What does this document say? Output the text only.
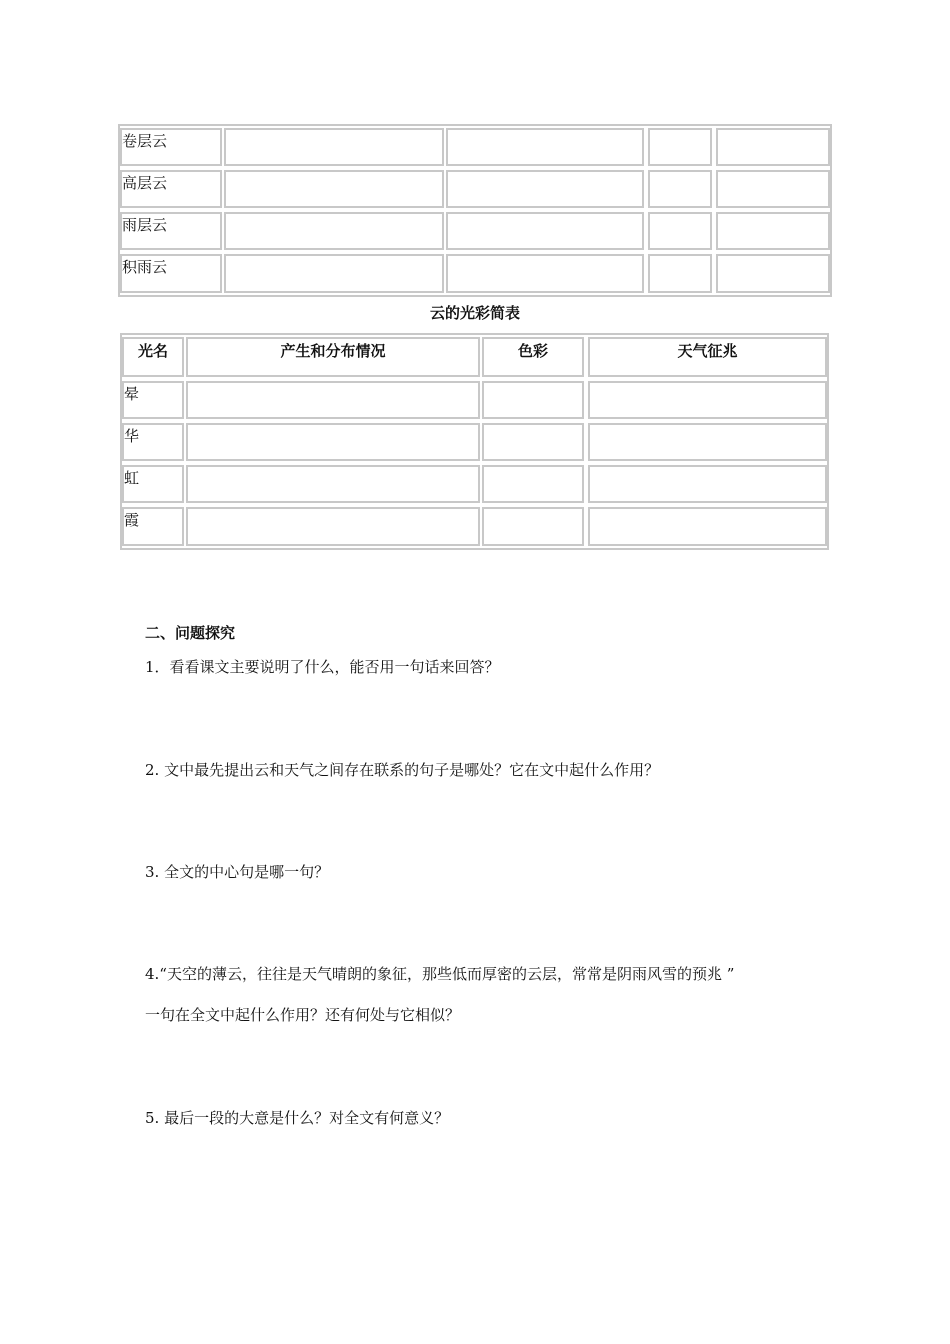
卷层云
高层云
雨层云
积雨云
云的光彩简表
光名	产生和分布情况	色彩	天气征兆
晕
华
虹
霞
二、问题探究
1．看看课文主要说明了什么，能否用一句话来回答？
2. 文中最先提出云和天气之间存在联系的句子是哪处？它在文中起什么作用？
3. 全文的中心句是哪一句？
4.“天空的薄云，往往是天气晴朗的象征，那些低而厚密的云层，常常是阴雨风雪的预兆 ”
一句在全文中起什么作用？还有何处与它相似？
5. 最后一段的大意是什么？对全文有何意义？
